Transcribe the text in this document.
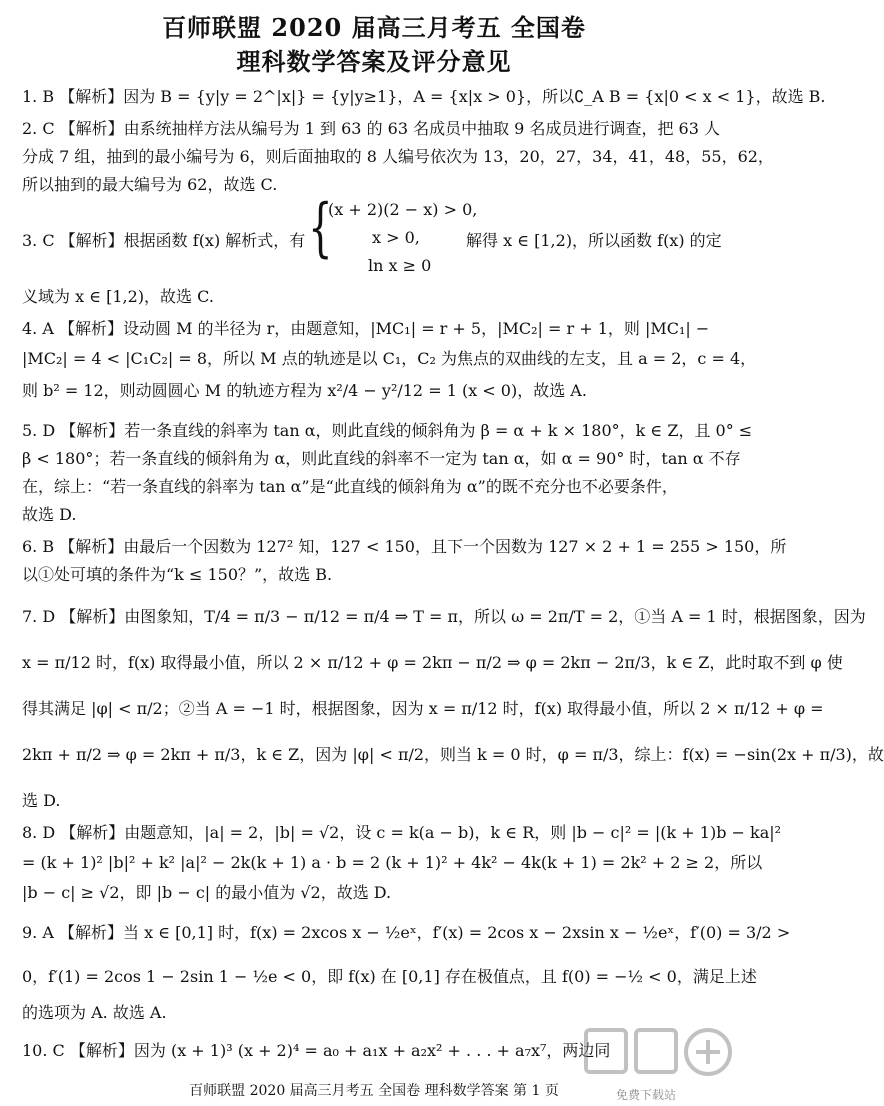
百师联盟 2020 届高三月考五 全国卷
理科数学答案及评分意见
1. B 【解析】因为 B = {y|y = 2^|x|} = {y|y≥1}，A = {x|x > 0}，所以∁_A B = {x|0 < x < 1}，故选 B.
2. C 【解析】由系统抽样方法从编号为 1 到 63 的 63 名成员中抽取 9 名成员进行调查，把 63 人
分成 7 组，抽到的最小编号为 6，则后面抽取的 8 人编号依次为 13，20，27，34，41，48，55，62，
所以抽到的最大编号为 62，故选 C.
3. C 【解析】根据函数 f(x) 解析式，有 {
(x + 2)(2 − x) > 0,
x > 0,
ln x ≥ 0
解得 x ∈ [1,2)，所以函数 f(x) 的定
义域为 x ∈ [1,2)，故选 C.
4. A 【解析】设动圆 M 的半径为 r，由题意知，|MC₁| = r + 5，|MC₂| = r + 1，则 |MC₁| −
|MC₂| = 4 < |C₁C₂| = 8，所以 M 点的轨迹是以 C₁，C₂ 为焦点的双曲线的左支，且 a = 2，c = 4，
则 b² = 12，则动圆圆心 M 的轨迹方程为 x²/4 − y²/12 = 1 (x < 0)，故选 A.
5. D 【解析】若一条直线的斜率为 tan α，则此直线的倾斜角为 β = α + k × 180°，k ∈ Z，且 0° ≤
β < 180°；若一条直线的倾斜角为 α，则此直线的斜率不一定为 tan α，如 α = 90° 时，tan α 不存
在，综上：“若一条直线的斜率为 tan α”是“此直线的倾斜角为 α”的既不充分也不必要条件，
故选 D.
6. B 【解析】由最后一个因数为 127² 知，127 < 150，且下一个因数为 127 × 2 + 1 = 255 > 150，所
以①处可填的条件为“k ≤ 150？”，故选 B.
7. D 【解析】由图象知，T/4 = π/3 − π/12 = π/4 ⇒ T = π，所以 ω = 2π/T = 2，①当 A = 1 时，根据图象，因为
x = π/12 时，f(x) 取得最小值，所以 2 × π/12 + φ = 2kπ − π/2 ⇒ φ = 2kπ − 2π/3，k ∈ Z，此时取不到 φ 使
得其满足 |φ| < π/2；②当 A = −1 时，根据图象，因为 x = π/12 时，f(x) 取得最小值，所以 2 × π/12 + φ =
2kπ + π/2 ⇒ φ = 2kπ + π/3，k ∈ Z，因为 |φ| < π/2，则当 k = 0 时，φ = π/3，综上：f(x) = −sin(2x + π/3)，故
选 D.
8. D 【解析】由题意知，|a| = 2，|b| = √2，设 c = k(a − b)，k ∈ R，则 |b − c|² = |(k + 1)b − ka|²
= (k + 1)² |b|² + k² |a|² − 2k(k + 1) a · b = 2 (k + 1)² + 4k² − 4k(k + 1) = 2k² + 2 ≥ 2，所以
|b − c| ≥ √2，即 |b − c| 的最小值为 √2，故选 D.
9. A 【解析】当 x ∈ [0,1] 时，f(x) = 2xcos x − ½eˣ，f′(x) = 2cos x − 2xsin x − ½eˣ，f′(0) = 3/2 >
0，f′(1) = 2cos 1 − 2sin 1 − ½e < 0，即 f(x) 在 [0,1] 存在极值点，且 f(0) = −½ < 0，满足上述
的选项为 A. 故选 A.
10. C 【解析】因为 (x + 1)³ (x + 2)⁴ = a₀ + a₁x + a₂x² + . . . + a₇x⁷，两边同
免费下载站
百师联盟 2020 届高三月考五 全国卷 理科数学答案 第 1 页
